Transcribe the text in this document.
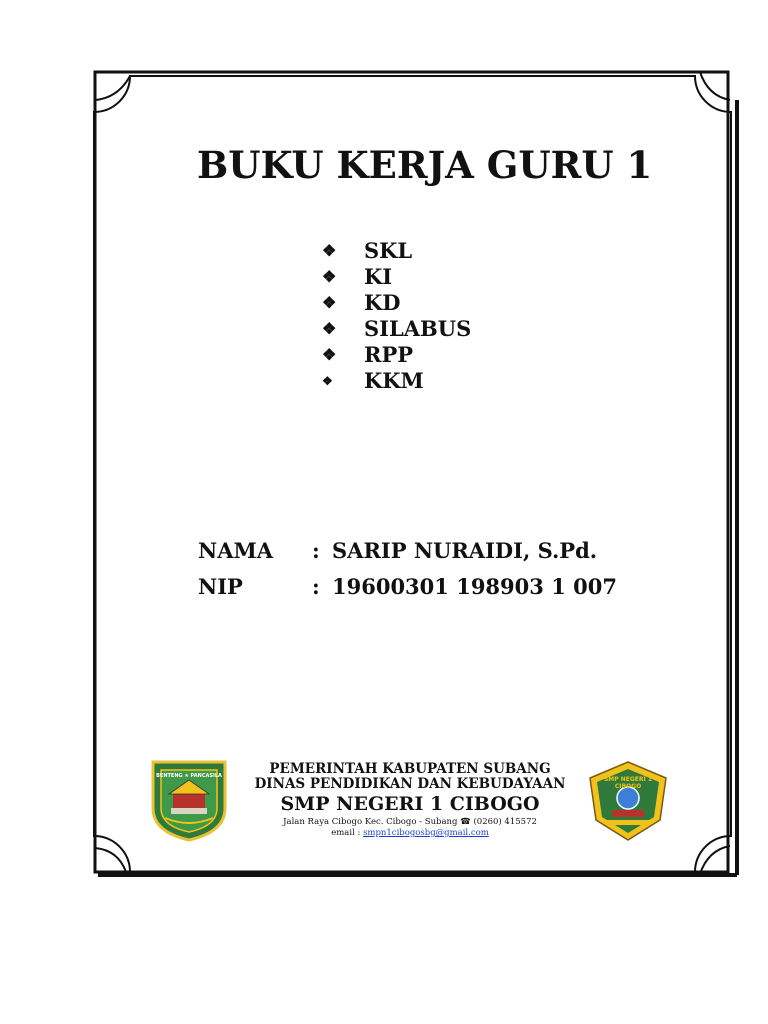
BUKU KERJA GURU 1
❖	SKL
❖	KI
❖	KD
❖	SILABUS
❖	RPP
❖	KKM
NAMA : SARIP NURAIDI, S.Pd.
NIP	: 19600301 198903 1 007
BENTENG ★ PANCASILA	SMP NEGERI 1
CIBOGO
PEMERINTAH KABUPATEN SUBANG
DINAS PENDIDIKAN DAN KEBUDAYAAN
SMP NEGERI 1 CIBOGO
Jalan Raya Cibogo Kec. Cibogo - Subang ☎ (0260) 415572
email : smpn1cibogosbg@gmail.com
